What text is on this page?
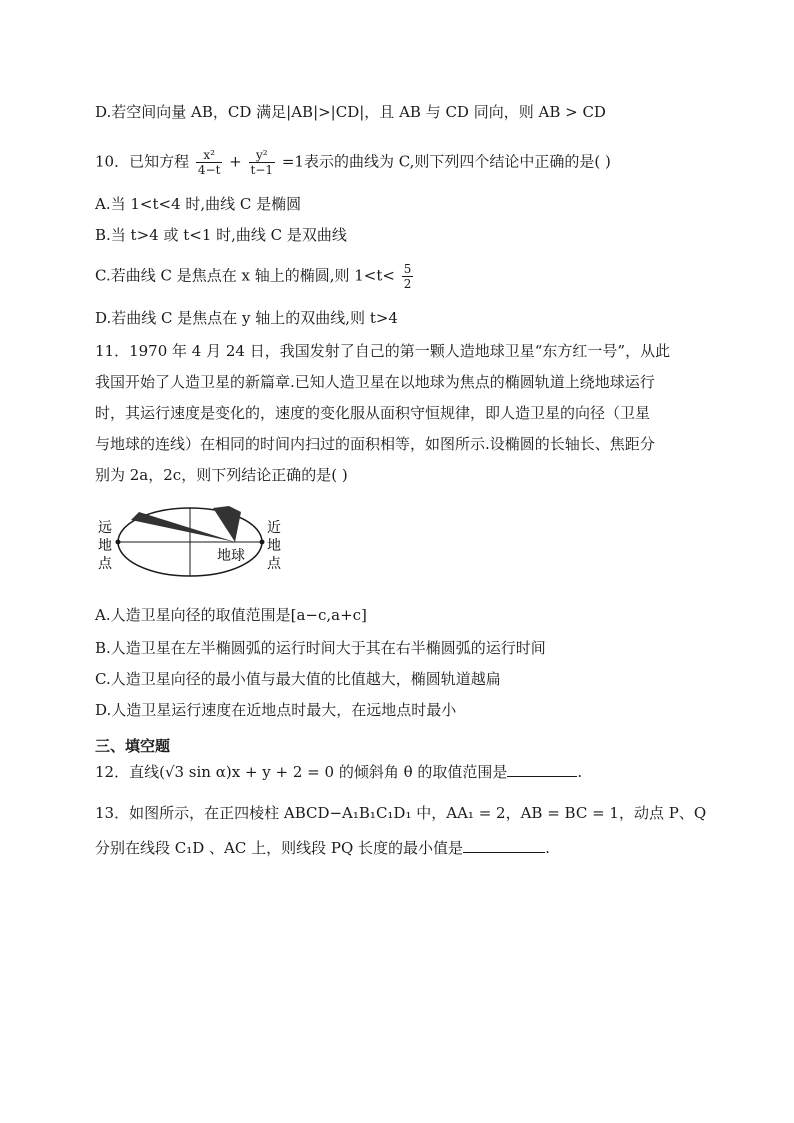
D.若空间向量 AB，CD 满足|AB|>|CD|，且 AB 与 CD 同向，则 AB > CD
10．已知方程 $\frac{\text{x²}}{4-t} + \frac{\text{y²}}{t-1} =1$表示的曲线为 C,则下列四个结论中正确的是( )
A.当 1<t<4 时,曲线 C 是椭圆
B.当 t>4 或 t<1 时,曲线 C 是双曲线
C.若曲线 C 是焦点在 x 轴上的椭圆,则 $1<t< \frac{5}{2}$
D.若曲线 C 是焦点在 y 轴上的双曲线,则 t>4
11．1970 年 4 月 24 日，我国发射了自己的第一颗人造地球卫星“东方红一号”，从此
我国开始了人造卫星的新篇章.已知人造卫星在以地球为焦点的椭圆轨道上绕地球运行
时，其运行速度是变化的，速度的变化服从面积守恒规律，即人造卫星的向径（卫星
与地球的连线）在相同的时间内扫过的面积相等，如图所示.设椭圆的长轴长、焦距分
别为 2a，2c，则下列结论正确的是( )
远
地
点
近
地
点
地球
A.人造卫星向径的取值范围是[a−c,a+c]
B.人造卫星在左半椭圆弧的运行时间大于其在右半椭圆弧的运行时间
C.人造卫星向径的最小值与最大值的比值越大，椭圆轨道越扁
D.人造卫星运行速度在近地点时最大，在远地点时最小
三、填空题
12．直线(√3 sin α)x + y + 2 = 0 的倾斜角 θ 的取值范围是	.
13．如图所示，在正四棱柱 ABCD−A₁B₁C₁D₁ 中，AA₁ = 2，AB = BC = 1，动点 P、Q
分别在线段 C₁D 、AC 上，则线段 PQ 长度的最小值是	.
